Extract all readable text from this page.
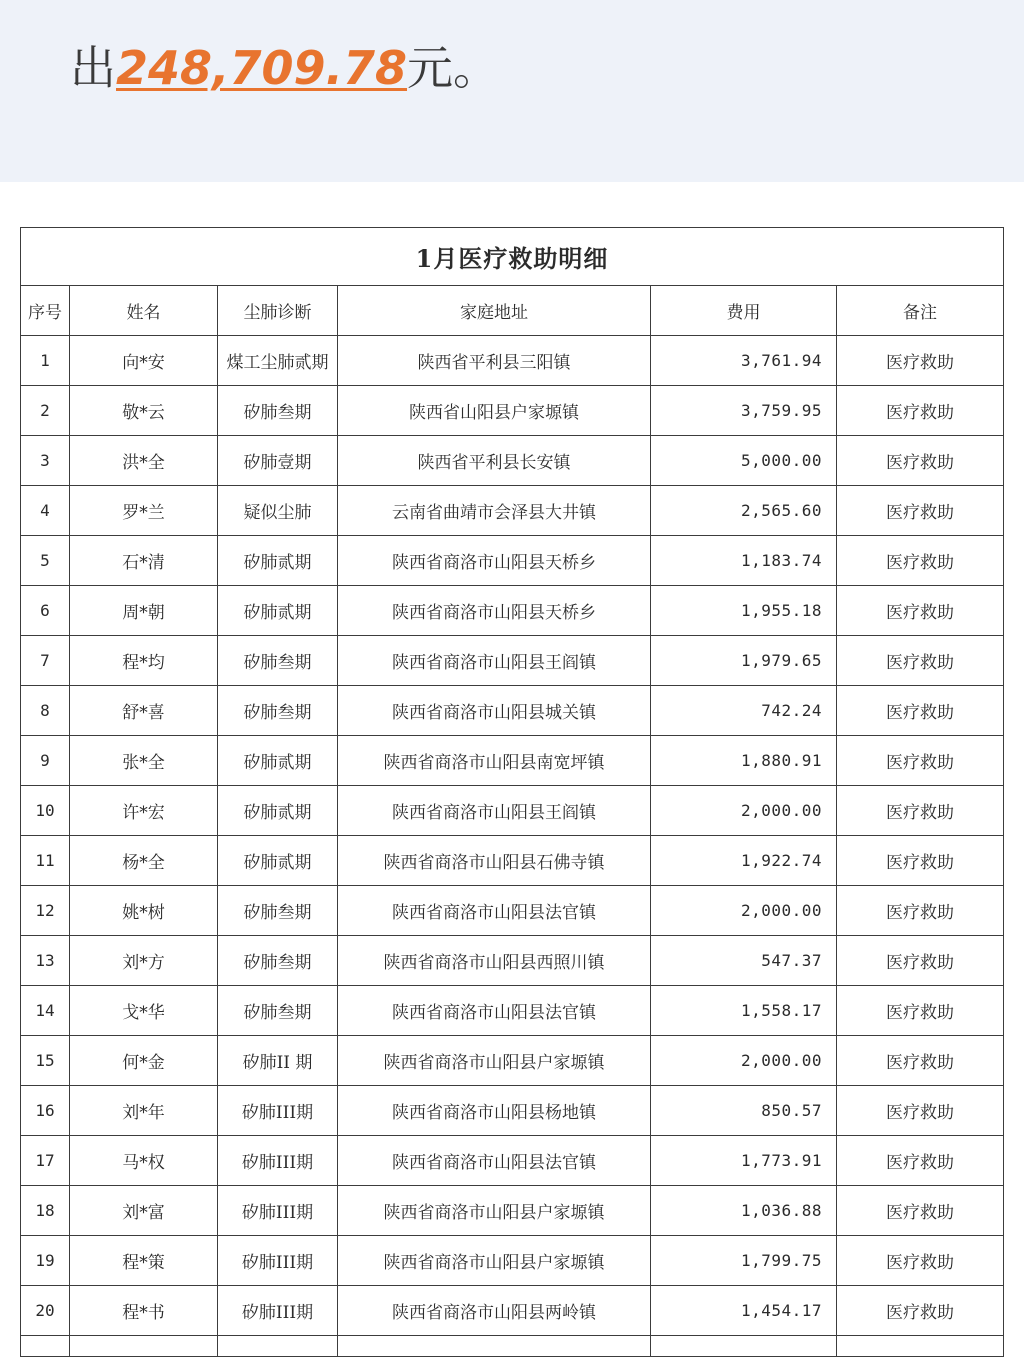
出248,709.78元。
1月医疗救助明细					
序号	姓名	尘肺诊断	家庭地址	费用	备注
1	向*安	煤工尘肺贰期	陕西省平利县三阳镇	3,761.94	医疗救助
2	敬*云	矽肺叁期	陕西省山阳县户家塬镇	3,759.95	医疗救助
3	洪*全	矽肺壹期	陕西省平利县长安镇	5,000.00	医疗救助
4	罗*兰	疑似尘肺	云南省曲靖市会泽县大井镇	2,565.60	医疗救助
5	石*清	矽肺贰期	陕西省商洛市山阳县天桥乡	1,183.74	医疗救助
6	周*朝	矽肺贰期	陕西省商洛市山阳县天桥乡	1,955.18	医疗救助
7	程*均	矽肺叁期	陕西省商洛市山阳县王阎镇	1,979.65	医疗救助
8	舒*喜	矽肺叁期	陕西省商洛市山阳县城关镇	742.24	医疗救助
9	张*全	矽肺贰期	陕西省商洛市山阳县南宽坪镇	1,880.91	医疗救助
10	许*宏	矽肺贰期	陕西省商洛市山阳县王阎镇	2,000.00	医疗救助
11	杨*全	矽肺贰期	陕西省商洛市山阳县石佛寺镇	1,922.74	医疗救助
12	姚*树	矽肺叁期	陕西省商洛市山阳县法官镇	2,000.00	医疗救助
13	刘*方	矽肺叁期	陕西省商洛市山阳县西照川镇	547.37	医疗救助
14	戈*华	矽肺叁期	陕西省商洛市山阳县法官镇	1,558.17	医疗救助
15	何*金	矽肺II 期	陕西省商洛市山阳县户家塬镇	2,000.00	医疗救助
16	刘*年	矽肺III期	陕西省商洛市山阳县杨地镇	850.57	医疗救助
17	马*权	矽肺III期	陕西省商洛市山阳县法官镇	1,773.91	医疗救助
18	刘*富	矽肺III期	陕西省商洛市山阳县户家塬镇	1,036.88	医疗救助
19	程*策	矽肺III期	陕西省商洛市山阳县户家塬镇	1,799.75	医疗救助
20	程*书	矽肺III期	陕西省商洛市山阳县两岭镇	1,454.17	医疗救助
